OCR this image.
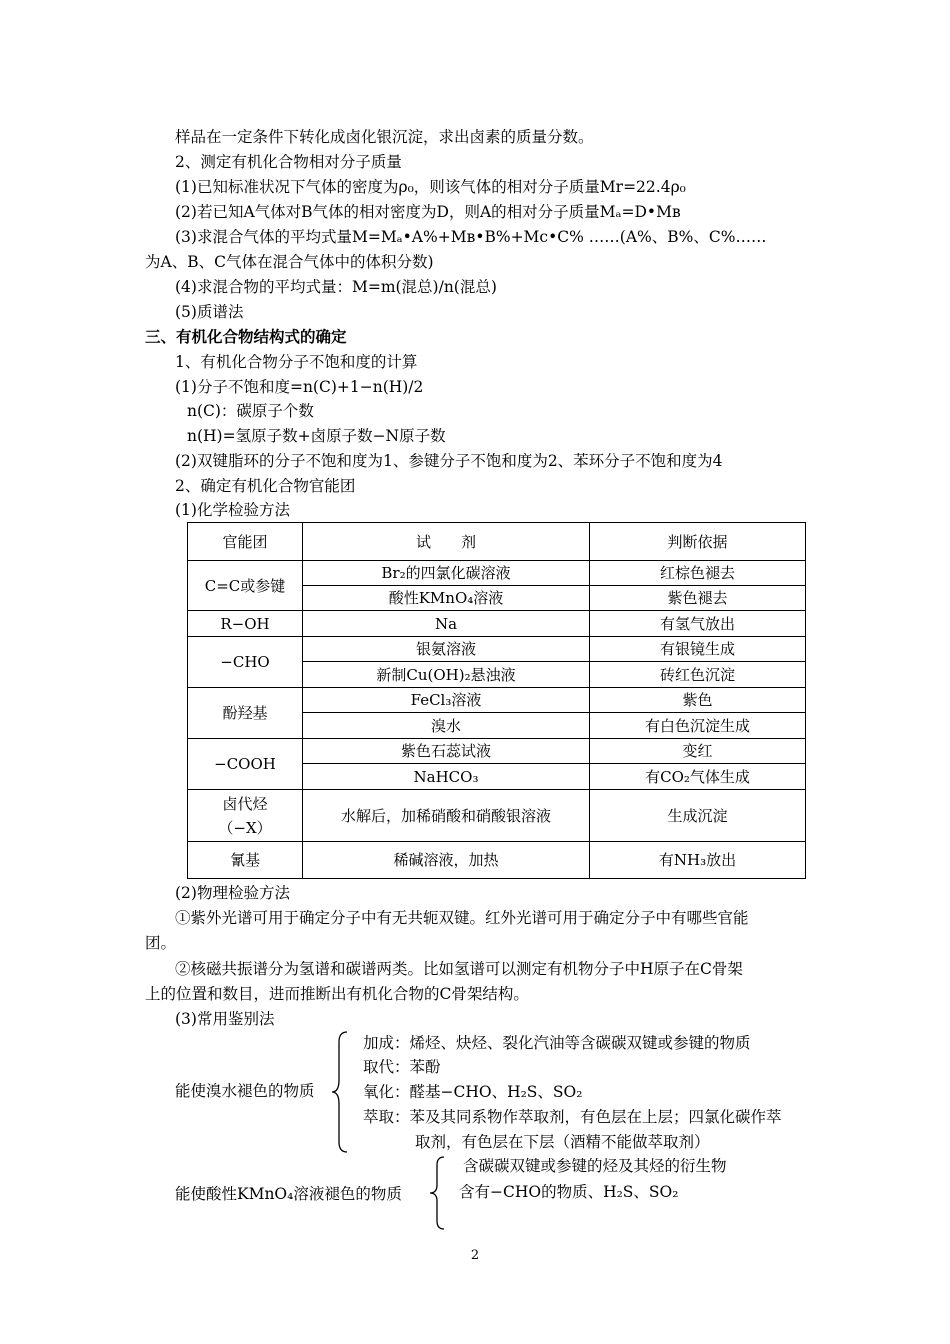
样品在一定条件下转化成卤化银沉淀，求出卤素的质量分数。
2、测定有机化合物相对分子质量
(1)已知标准状况下气体的密度为ρ₀，则该气体的相对分子质量Mr=22.4ρ₀
(2)若已知A气体对B气体的相对密度为D，则A的相对分子质量Mₐ=D•Mʙ
(3)求混合气体的平均式量M=Mₐ•A%+Mʙ•B%+Mc•C% ……(A%、B%、C%……
为A、B、C气体在混合气体中的体积分数)
(4)求混合物的平均式量：M=m(混总)/n(混总)
(5)质谱法
三、有机化合物结构式的确定
1、有机化合物分子不饱和度的计算
(1)分子不饱和度=n(C)+1−n(H)/2
n(C)：碳原子个数
n(H)=氢原子数+卤原子数−N原子数
(2)双键脂环的分子不饱和度为1、参键分子不饱和度为2、苯环分子不饱和度为4
2、确定有机化合物官能团
(1)化学检验方法
官能团	试　　剂	判断依据
C=C或参键	Br₂的四氯化碳溶液	红棕色褪去
	酸性KMnO₄溶液	紫色褪去
R−OH	Na	有氢气放出
−CHO	银氨溶液	有银镜生成
	新制Cu(OH)₂悬浊液	砖红色沉淀
酚羟基	FeCl₃溶液	紫色
	溴水	有白色沉淀生成
−COOH	紫色石蕊试液	变红
	NaHCO₃	有CO₂气体生成
卤代烃（−X）	水解后，加稀硝酸和硝酸银溶液	生成沉淀
氰基	稀碱溶液，加热	有NH₃放出
(2)物理检验方法
①紫外光谱可用于确定分子中有无共轭双键。红外光谱可用于确定分子中有哪些官能
团。
②核磁共振谱分为氢谱和碳谱两类。比如氢谱可以测定有机物分子中H原子在C骨架
上的位置和数目，进而推断出有机化合物的C骨架结构。
(3)常用鉴别法
能使溴水褪色的物质
加成：烯烃、炔烃、裂化汽油等含碳碳双键或参键的物质
取代：苯酚
氧化：醛基−CHO、H₂S、SO₂
萃取：苯及其同系物作萃取剂，有色层在上层；四氯化碳作萃
取剂，有色层在下层（酒精不能做萃取剂）
能使酸性KMnO₄溶液褪色的物质
含碳碳双键或参键的烃及其烃的衍生物
含有−CHO的物质、H₂S、SO₂
2
